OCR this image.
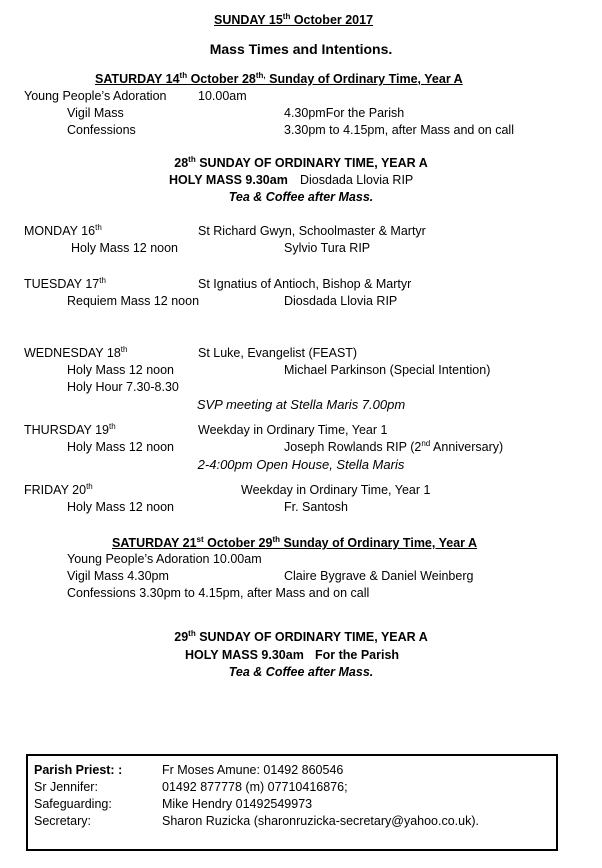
SUNDAY 15th October 2017
Mass Times and Intentions.
SATURDAY 14th October $28^{th,}$ Sunday of Ordinary Time, Year A
Young People’s Adoration	10.00am
Vigil Mass	4.30pmFor the Parish
Confessions	3.30pm to 4.15pm, after Mass and on call
28th SUNDAY OF ORDINARY TIME, YEAR A
HOLY MASS 9.30am Diosdada Llovia RIP
Tea & Coffee after Mass.
MONDAY 16th	St Richard Gwyn, Schoolmaster & Martyr
Holy Mass 12 noon	Sylvio Tura RIP
TUESDAY 17th	St Ignatius of Antioch, Bishop & Martyr
Requiem Mass 12 noon	Diosdada Llovia RIP
WEDNESDAY 18th	St Luke, Evangelist (FEAST)
Holy Mass 12 noon	Michael Parkinson (Special Intention)
Holy Hour 7.30-8.30
SVP meeting at Stella Maris 7.00pm
THURSDAY 19th	Weekday in Ordinary Time, Year 1
Holy Mass 12 noon	Joseph Rowlands RIP (2nd Anniversary)
2-4:00pm Open House, Stella Maris
FRIDAY 20th	Weekday in Ordinary Time, Year 1
Holy Mass 12 noon	Fr. Santosh
SATURDAY 21st October 29th Sunday of Ordinary Time, Year A
Young People’s Adoration 10.00am
Vigil Mass 4.30pm	Claire Bygrave & Daniel Weinberg
Confessions 3.30pm to 4.15pm, after Mass and on call
29th SUNDAY OF ORDINARY TIME, YEAR A
HOLY MASS 9.30am For the Parish
Tea & Coffee after Mass.
Parish Priest: :	Fr Moses Amune: 01492 860546
Sr Jennifer:	01492 877778 (m) 07710416876;
Safeguarding:	Mike Hendry 01492549973
Secretary:	Sharon Ruzicka (sharonruzicka-secretary@yahoo.co.uk).
